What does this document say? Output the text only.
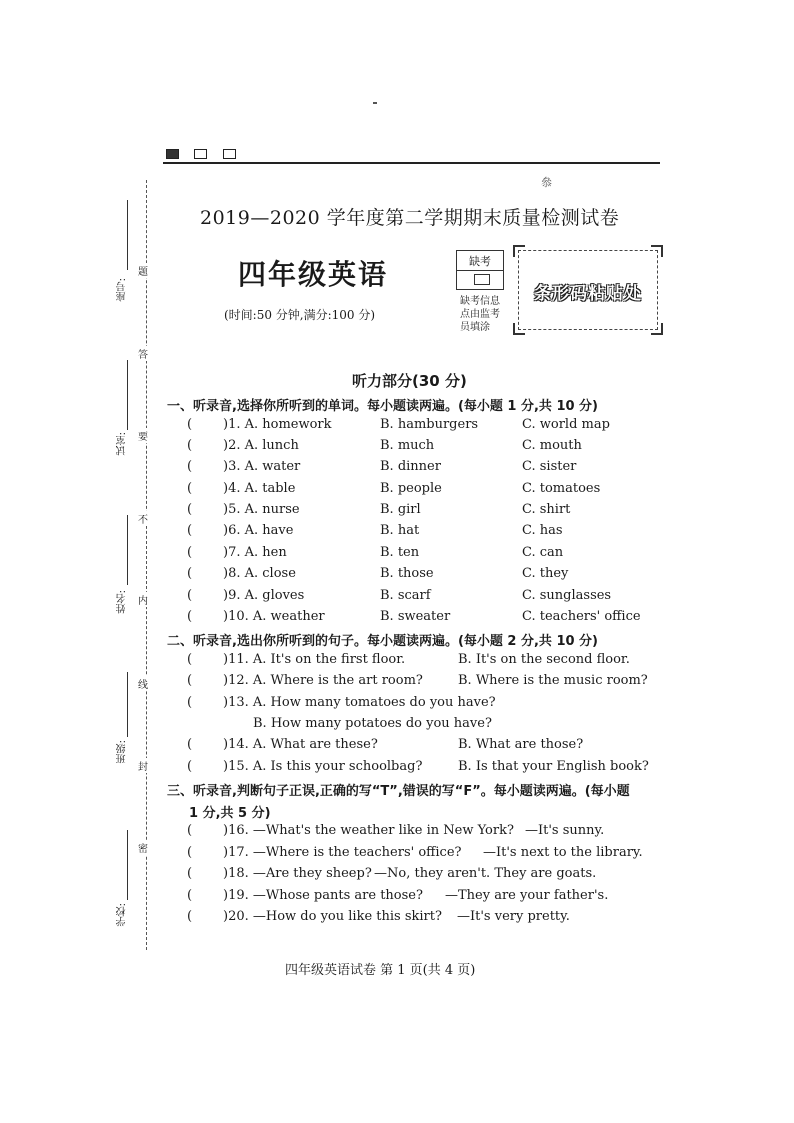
叅
座号:
试室:
姓名:
班级:
学校:
题
答
要
不
内
线
封
密
2019—2020 学年度第二学期期末质量检测试卷
四年级英语
(时间:50 分钟,满分:100 分)
缺考
缺考信息
点由监考
员填涂
条形码粘贴处
听力部分(30 分)
一、听录音,选择你所听到的单词。每小题读两遍。(每小题 1 分,共 10 分)
( )1. A. homework	B. hamburgers	C. world map
( )2. A. lunch	B. much	C. mouth
( )3. A. water	B. dinner	C. sister
( )4. A. table	B. people	C. tomatoes
( )5. A. nurse	B. girl	C. shirt
( )6. A. have	B. hat	C. has
( )7. A. hen	B. ten	C. can
( )8. A. close	B. those	C. they
( )9. A. gloves	B. scarf	C. sunglasses
( )10. A. weather	B. sweater	C. teachers' office
二、听录音,选出你所听到的句子。每小题读两遍。(每小题 2 分,共 10 分)
( )11. A. It's on the first floor.	B. It's on the second floor.
( )12. A. Where is the art room?	B. Where is the music room?
( )13. A. How many tomatoes do you have?
B. How many potatoes do you have?
( )14. A. What are these?	B. What are those?
( )15. A. Is this your schoolbag?	B. Is that your English book?
三、听录音,判断句子正误,正确的写“T”,错误的写“F”。每小题读两遍。(每小题
1 分,共 5 分)
( )16. —What's the weather like in New York? —It's sunny.
( )17. —Where is the teachers' office? —It's next to the library.
( )18. —Are they sheep? —No, they aren't. They are goats.
( )19. —Whose pants are those? —They are your father's.
( )20. —How do you like this skirt? —It's very pretty.
四年级英语试卷 第 1 页(共 4 页)
